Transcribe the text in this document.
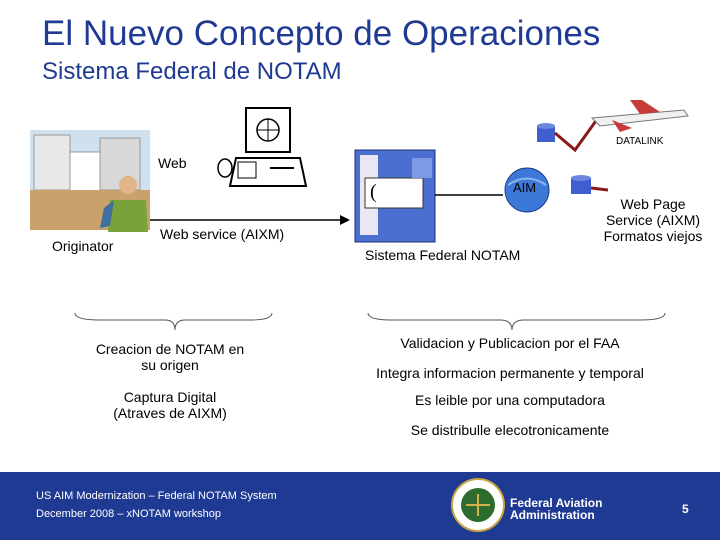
El Nuevo Concepto de Operaciones
Sistema Federal de NOTAM
(
DATALINK
Web
AIM
Originator
Web service (AIXM)
Sistema Federal NOTAM
Web Page
Service (AIXM)
Formatos viejos
Creacion de NOTAM en
su origen
Captura Digital
(Atraves de AIXM)
Validacion y Publicacion por el FAA
Integra informacion permanente y temporal
Es leible por una computadora
Se distribulle elecotronicamente
US AIM Modernization – Federal NOTAM System
December 2008 – xNOTAM workshop
Federal Aviation
Administration	5
